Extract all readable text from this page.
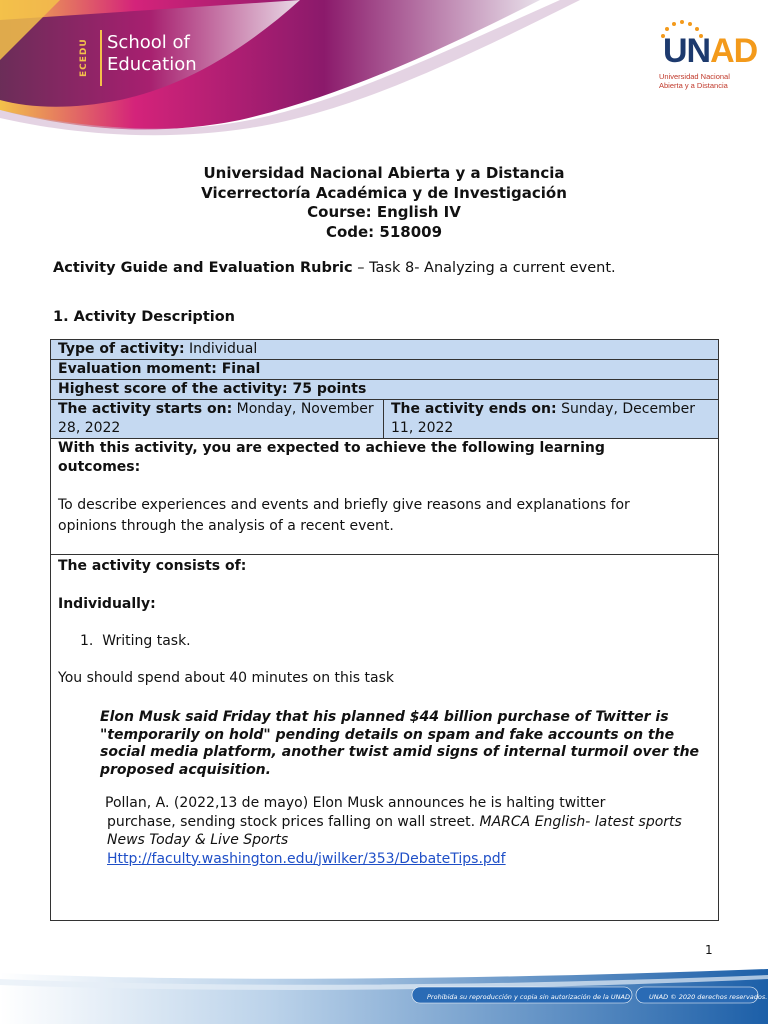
ECEDU	School of
Education	UNAD
Universidad Nacional
Abierta y a Distancia
Universidad Nacional Abierta y a Distancia
Vicerrectoría Académica y de Investigación
Course: English IV
Code: 518009
Activity Guide and Evaluation Rubric – Task 8- Analyzing a current event.
1. Activity Description
Type of activity: Individual
Evaluation moment: Final
Highest score of the activity: 75 points
The activity starts on: Monday, November 28, 2022
The activity ends on: Sunday, December 11, 2022

With this activity, you are expected to achieve the following learning outcomes:

To describe experiences and events and briefly give reasons and explanations for opinions through the analysis of a recent event.

The activity consists of:

Individually:

1.  Writing task.

You should spend about 40 minutes on this task

Elon Musk said Friday that his planned $44 billion purchase of Twitter is "temporarily on hold" pending details on spam and fake accounts on the social media platform, another twist amid signs of internal turmoil over the proposed acquisition.
Pollan, A. (2022,13 de mayo) Elon Musk announces he is halting twitter
purchase, sending stock prices falling on wall street. MARCA English- latest sports News Today & Live Sports
Http://faculty.washington.edu/jwilker/353/DebateTips.pdf
1
Prohibida su reproducción y copia sin autorización de la UNAD.	UNAD © 2020 derechos reservados.
